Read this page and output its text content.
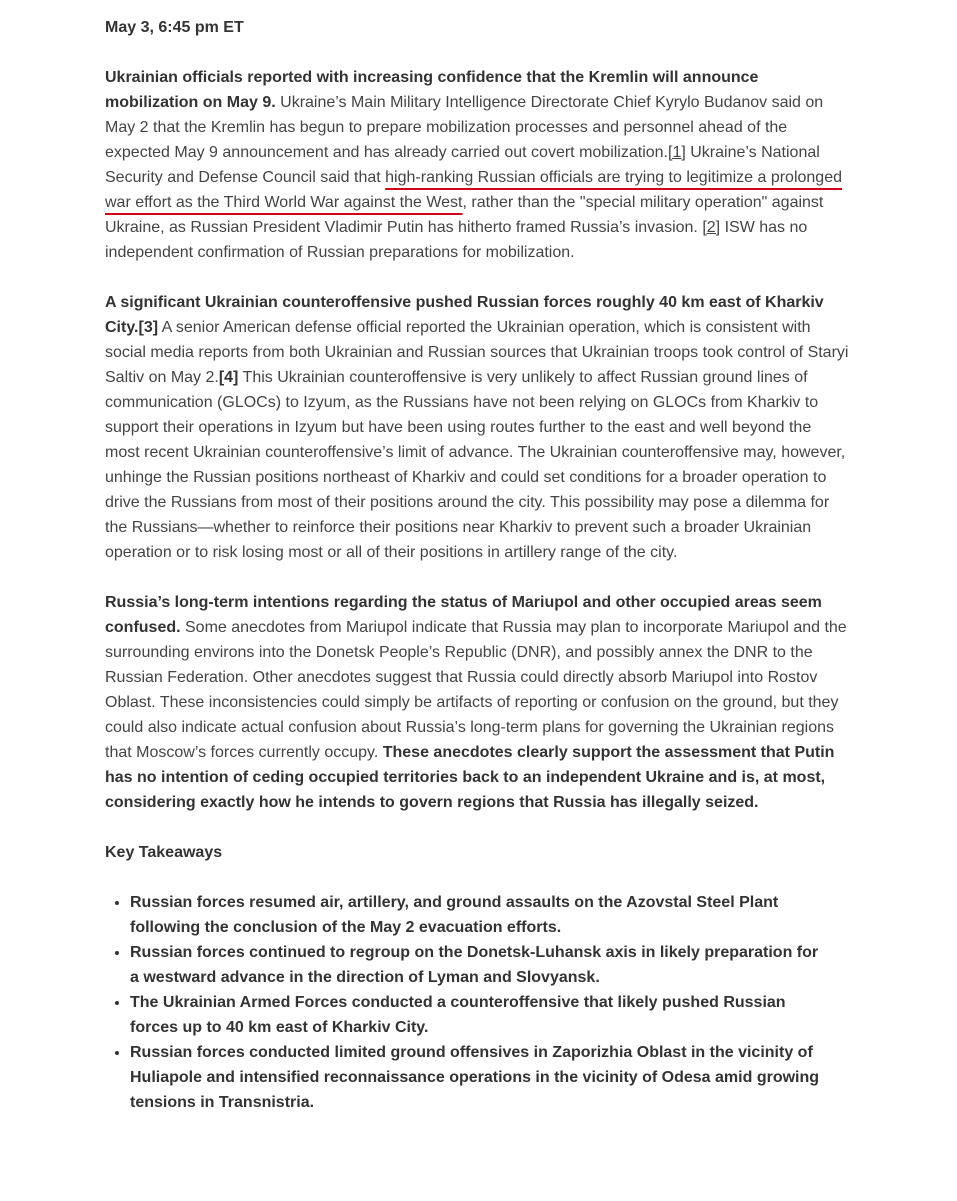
May 3, 6:45 pm ET

Ukrainian officials reported with increasing confidence that the Kremlin will announce mobilization on May 9. Ukraine’s Main Military Intelligence Directorate Chief Kyrylo Budanov said on May 2 that the Kremlin has begun to prepare mobilization processes and personnel ahead of the expected May 9 announcement and has already carried out covert mobilization.[1] Ukraine’s National Security and Defense Council said that high-ranking Russian officials are trying to legitimize a prolonged war effort as the Third World War against the West, rather than the "special military operation" against Ukraine, as Russian President Vladimir Putin has hitherto framed Russia’s invasion. [2] ISW has no independent confirmation of Russian preparations for mobilization.

A significant Ukrainian counteroffensive pushed Russian forces roughly 40 km east of Kharkiv City.[3] A senior American defense official reported the Ukrainian operation, which is consistent with social media reports from both Ukrainian and Russian sources that Ukrainian troops took control of Staryi Saltiv on May 2.[4] This Ukrainian counteroffensive is very unlikely to affect Russian ground lines of communication (GLOCs) to Izyum, as the Russians have not been relying on GLOCs from Kharkiv to support their operations in Izyum but have been using routes further to the east and well beyond the most recent Ukrainian counteroffensive’s limit of advance. The Ukrainian counteroffensive may, however, unhinge the Russian positions northeast of Kharkiv and could set conditions for a broader operation to drive the Russians from most of their positions around the city. This possibility may pose a dilemma for the Russians—whether to reinforce their positions near Kharkiv to prevent such a broader Ukrainian operation or to risk losing most or all of their positions in artillery range of the city.

Russia’s long-term intentions regarding the status of Mariupol and other occupied areas seem confused. Some anecdotes from Mariupol indicate that Russia may plan to incorporate Mariupol and the surrounding environs into the Donetsk People’s Republic (DNR), and possibly annex the DNR to the Russian Federation. Other anecdotes suggest that Russia could directly absorb Mariupol into Rostov Oblast. These inconsistencies could simply be artifacts of reporting or confusion on the ground, but they could also indicate actual confusion about Russia’s long-term plans for governing the Ukrainian regions that Moscow’s forces currently occupy. These anecdotes clearly support the assessment that Putin has no intention of ceding occupied territories back to an independent Ukraine and is, at most, considering exactly how he intends to govern regions that Russia has illegally seized.

Key Takeaways
• Russian forces resumed air, artillery, and ground assaults on the Azovstal Steel Plant following the conclusion of the May 2 evacuation efforts.
• Russian forces continued to regroup on the Donetsk-Luhansk axis in likely preparation for a westward advance in the direction of Lyman and Slovyansk.
• The Ukrainian Armed Forces conducted a counteroffensive that likely pushed Russian forces up to 40 km east of Kharkiv City.
• Russian forces conducted limited ground offensives in Zaporizhia Oblast in the vicinity of Huliapole and intensified reconnaissance operations in the vicinity of Odesa amid growing tensions in Transnistria.
